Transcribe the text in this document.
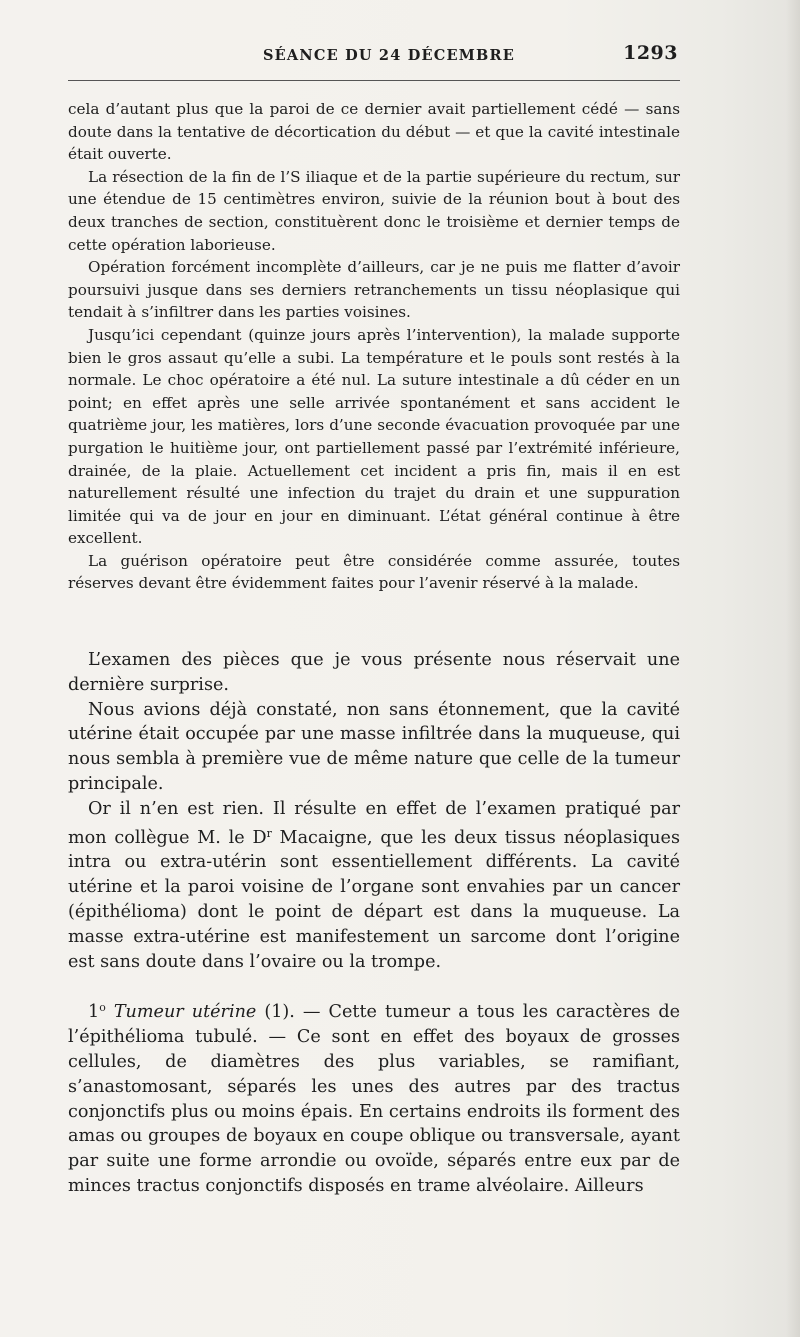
SÉANCE DU 24 DÉCEMBRE	1293

cela d’autant plus que la paroi de ce dernier avait partiellement cédé — sans doute dans la tentative de décortication du début — et que la cavité intestinale était ouverte.

La résection de la fin de l’S iliaque et de la partie supérieure du rectum, sur une étendue de 15 centimètres environ, suivie de la réunion bout à bout des deux tranches de section, constituèrent donc le troisième et dernier temps de cette opération laborieuse.

Opération forcément incomplète d’ailleurs, car je ne puis me flatter d’avoir poursuivi jusque dans ses derniers retranchements un tissu néoplasique qui tendait à s’infiltrer dans les parties voisines.

Jusqu’ici cependant (quinze jours après l’intervention), la malade supporte bien le gros assaut qu’elle a subi. La température et le pouls sont restés à la normale. Le choc opératoire a été nul. La suture intestinale a dû céder en un point; en effet après une selle arrivée spontanément et sans accident le quatrième jour, les matières, lors d’une seconde évacuation provoquée par une purgation le huitième jour, ont partiellement passé par l’extrémité inférieure, drainée, de la plaie. Actuellement cet incident a pris fin, mais il en est naturellement résulté une infection du trajet du drain et une suppuration limitée qui va de jour en jour en diminuant. L’état général continue à être excellent.

La guérison opératoire peut être considérée comme assurée, toutes réserves devant être évidemment faites pour l’avenir réservé à la malade.

L’examen des pièces que je vous présente nous réservait une dernière surprise.

Nous avions déjà constaté, non sans étonnement, que la cavité utérine était occupée par une masse infiltrée dans la muqueuse, qui nous sembla à première vue de même nature que celle de la tumeur principale.

Or il n’en est rien. Il résulte en effet de l’examen pratiqué par mon collègue M. le $D^r$ Macaigne, que les deux tissus néoplasiques intra ou extra-utérin sont essentiellement différents. La cavité utérine et la paroi voisine de l’organe sont envahies par un cancer (épithélioma) dont le point de départ est dans la muqueuse. La masse extra-utérine est manifestement un sarcome dont l’origine est sans doute dans l’ovaire ou la trompe.

1$^o$ Tumeur utérine (1). — Cette tumeur a tous les caractères de l’épithélioma tubulé. — Ce sont en effet des boyaux de grosses cellules, de diamètres des plus variables, se ramifiant, s’anastomosant, séparés les unes des autres par des tractus conjonctifs plus ou moins épais. En certains endroits ils forment des amas ou groupes de boyaux en coupe oblique ou transversale, ayant par suite une forme arrondie ou ovoïde, séparés entre eux par de minces tractus conjonctifs disposés en trame alvéolaire. Ailleurs
